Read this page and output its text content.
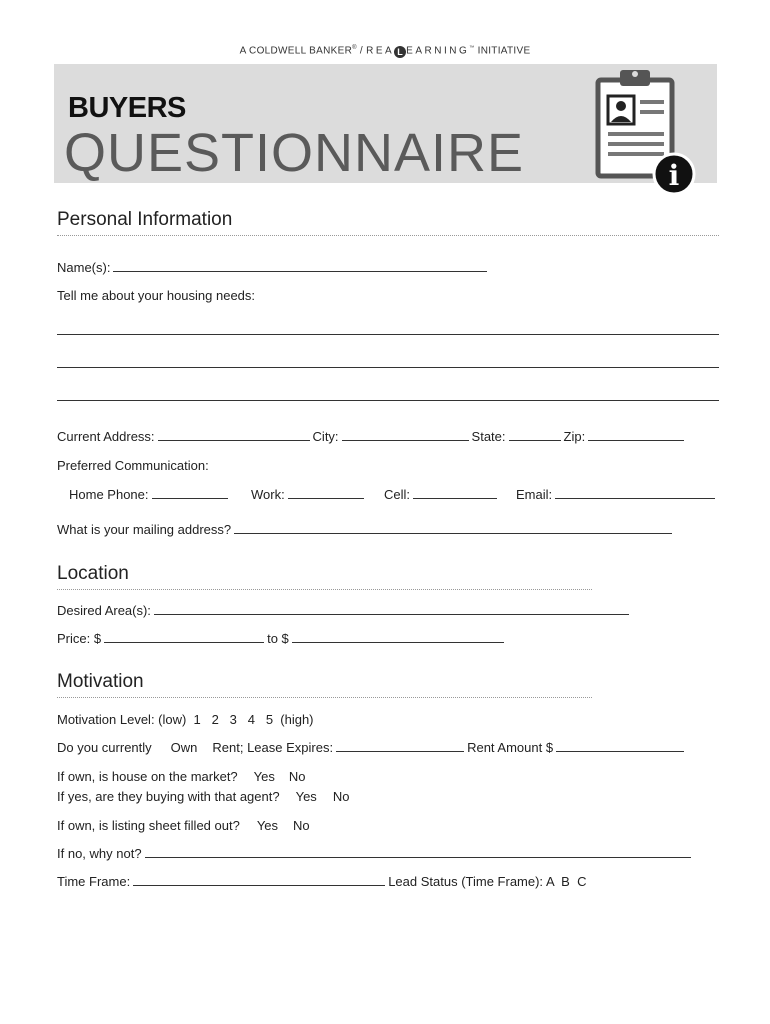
A COLDWELL BANKER® / REA L EARNING™ INITIATIVE
BUYERS
QUESTIONNAIRE	i
Personal Information
Name(s):
Tell me about your housing needs:
Current Address:	City:	State:	Zip:
Preferred Communication:
Home Phone:	Work:	Cell:	Email:
What is your mailing address?
Location
Desired Area(s):
Price: $	to $
Motivation
Motivation Level: (low)  1   2   3   4   5  (high)
Do you currently Own Rent; Lease Expires:	Rent Amount $
If own, is house on the market? Yes No
If yes, are they buying with that agent? Yes No
If own, is listing sheet filled out? Yes No
If no, why not?
Time Frame:	Lead Status (Time Frame): A B C
